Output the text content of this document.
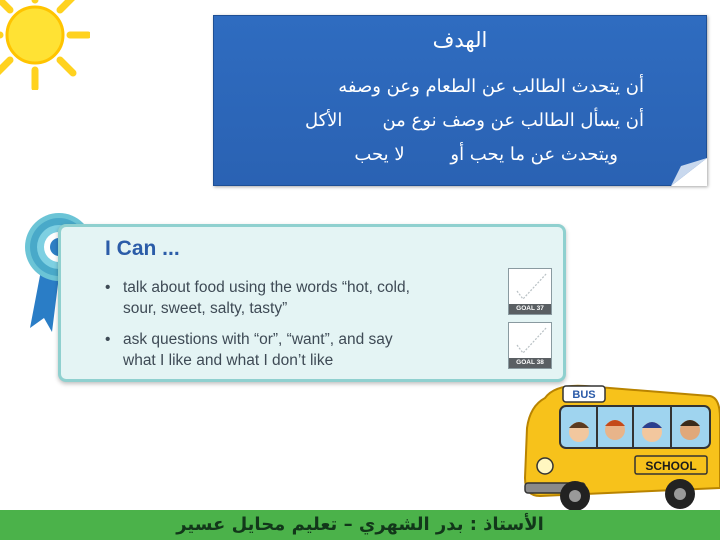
الهدف
أن يتحدث الطالب عن الطعام وعن وصفه
أن يسأل الطالب عن وصف نوع من       الأكل
ويتحدث عن ما يحب أو        لا يحب
I Can ...
• talk about food using the words “hot, cold,
sour, sweet, salty, tasty”
• ask questions with “or”, “want”, and say
what I like and what I don’t like
GOAL 37
GOAL 38
BUS
SCHOOL
الأستاذ : بدر الشهري – تعليم محايل عسير
